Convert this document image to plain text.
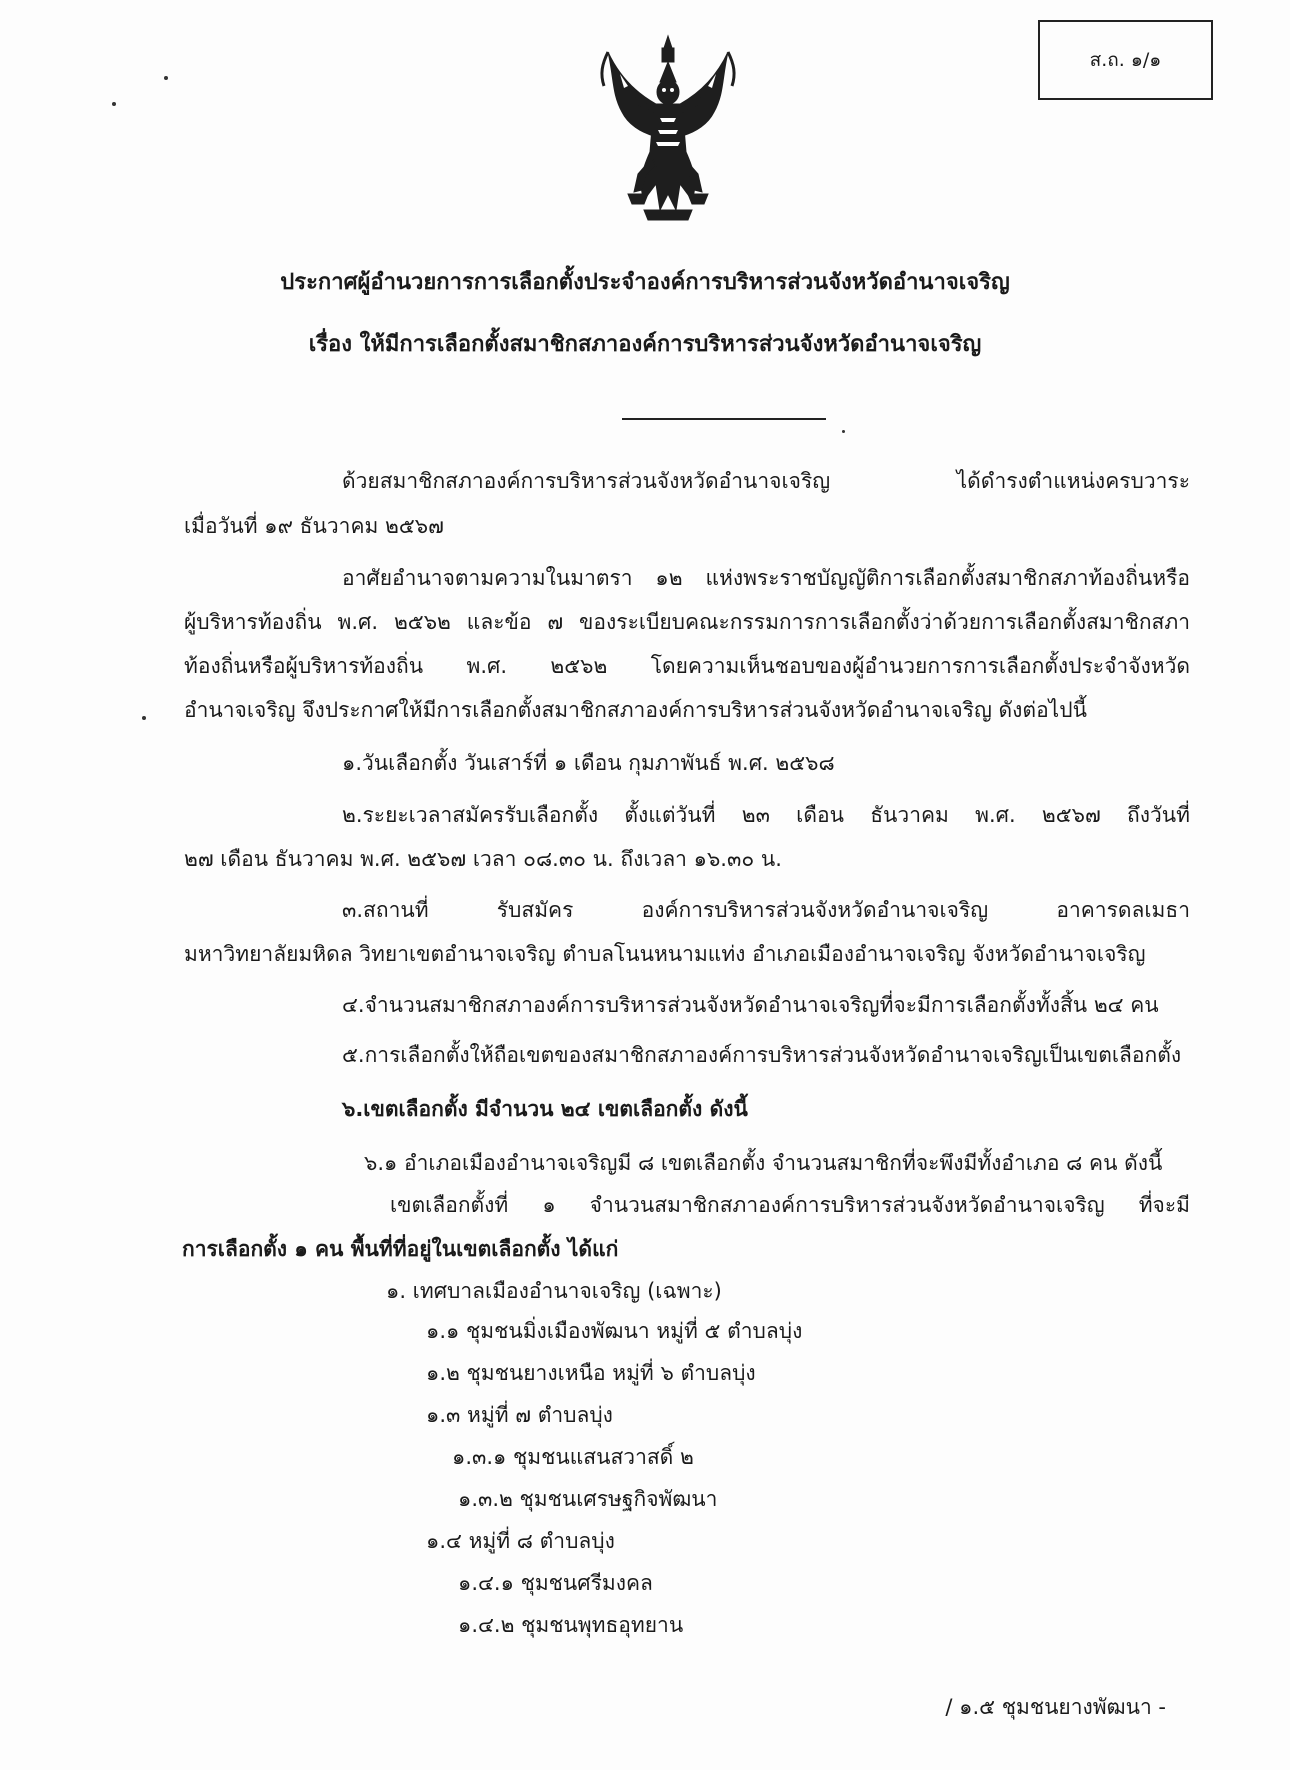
ส.ถ. ๑/๑
ประกาศผู้อำนวยการการเลือกตั้งประจำองค์การบริหารส่วนจังหวัดอำนาจเจริญ
เรื่อง ให้มีการเลือกตั้งสมาชิกสภาองค์การบริหารส่วนจังหวัดอำนาจเจริญ
ด้วยสมาชิกสภาองค์การบริหารส่วนจังหวัดอำนาจเจริญ ได้ดำรงตำแหน่งครบวาระ
เมื่อวันที่ ๑๙ ธันวาคม ๒๕๖๗
อาศัยอำนาจตามความในมาตรา ๑๒ แห่งพระราชบัญญัติการเลือกตั้งสมาชิกสภาท้องถิ่นหรือ
ผู้บริหารท้องถิ่น พ.ศ. ๒๕๖๒ และข้อ ๗ ของระเบียบคณะกรรมการการเลือกตั้งว่าด้วยการเลือกตั้งสมาชิกสภา
ท้องถิ่นหรือผู้บริหารท้องถิ่น พ.ศ. ๒๕๖๒ โดยความเห็นชอบของผู้อำนวยการการเลือกตั้งประจำจังหวัด
อำนาจเจริญ จึงประกาศให้มีการเลือกตั้งสมาชิกสภาองค์การบริหารส่วนจังหวัดอำนาจเจริญ ดังต่อไปนี้
๑.วันเลือกตั้ง วันเสาร์ที่ ๑ เดือน กุมภาพันธ์ พ.ศ. ๒๕๖๘
๒.ระยะเวลาสมัครรับเลือกตั้ง ตั้งแต่วันที่ ๒๓ เดือน ธันวาคม พ.ศ. ๒๕๖๗ ถึงวันที่
๒๗ เดือน ธันวาคม พ.ศ. ๒๕๖๗ เวลา ๐๘.๓๐ น. ถึงเวลา ๑๖.๓๐ น.
๓.สถานที่ รับสมัคร องค์การบริหารส่วนจังหวัดอำนาจเจริญ อาคารดลเมธา
มหาวิทยาลัยมหิดล วิทยาเขตอำนาจเจริญ ตำบลโนนหนามแท่ง อำเภอเมืองอำนาจเจริญ จังหวัดอำนาจเจริญ
๔.จำนวนสมาชิกสภาองค์การบริหารส่วนจังหวัดอำนาจเจริญที่จะมีการเลือกตั้งทั้งสิ้น ๒๔ คน
๕.การเลือกตั้งให้ถือเขตของสมาชิกสภาองค์การบริหารส่วนจังหวัดอำนาจเจริญเป็นเขตเลือกตั้ง
๖.เขตเลือกตั้ง มีจำนวน ๒๔ เขตเลือกตั้ง ดังนี้
๖.๑ อำเภอเมืองอำนาจเจริญมี ๘ เขตเลือกตั้ง จำนวนสมาชิกที่จะพึงมีทั้งอำเภอ ๘ คน ดังนี้
เขตเลือกตั้งที่ ๑ จำนวนสมาชิกสภาองค์การบริหารส่วนจังหวัดอำนาจเจริญ ที่จะมี
การเลือกตั้ง ๑ คน พื้นที่ที่อยู่ในเขตเลือกตั้ง ได้แก่
๑. เทศบาลเมืองอำนาจเจริญ (เฉพาะ)
๑.๑ ชุมชนมิ่งเมืองพัฒนา หมู่ที่ ๕ ตำบลบุ่ง
๑.๒ ชุมชนยางเหนือ หมู่ที่ ๖ ตำบลบุ่ง
๑.๓ หมู่ที่ ๗ ตำบลบุ่ง
๑.๓.๑ ชุมชนแสนสวาสดิ์ ๒
๑.๓.๒ ชุมชนเศรษฐกิจพัฒนา
๑.๔ หมู่ที่ ๘ ตำบลบุ่ง
๑.๔.๑ ชุมชนศรีมงคล
๑.๔.๒ ชุมชนพุทธอุทยาน
/ ๑.๕ ชุมชนยางพัฒนา -
